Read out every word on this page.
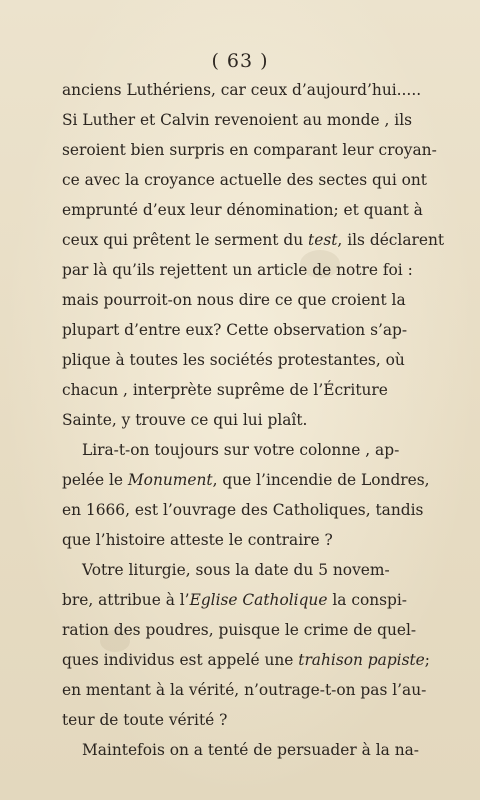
( 63 )
anciens Luthériens, car ceux d’aujourd’hui.....
Si Luther et Calvin revenoient au monde , ils
seroient bien surpris en comparant leur croyan-
ce avec la croyance actuelle des sectes qui ont
emprunté d’eux leur dénomination; et quant à
ceux qui prêtent le serment du test, ils déclarent
par là qu’ils rejettent un article de notre foi :
mais pourroit-on nous dire ce que croient la
plupart d’entre eux? Cette observation s’ap-
plique à toutes les sociétés protestantes, où
chacun , interprète suprême de l’Écriture
Sainte, y trouve ce qui lui plaît.
Lira-t-on toujours sur votre colonne , ap-
pelée le Monument, que l’incendie de Londres,
en 1666, est l’ouvrage des Catholiques, tandis
que l’histoire atteste le contraire ?
Votre liturgie, sous la date du 5 novem-
bre, attribue à l’Eglise Catholique la conspi-
ration des poudres, puisque le crime de quel-
ques individus est appelé une trahison papiste;
en mentant à la vérité, n’outrage-t-on pas l’au-
teur de toute vérité ?
Maintefois on a tenté de persuader à la na-
